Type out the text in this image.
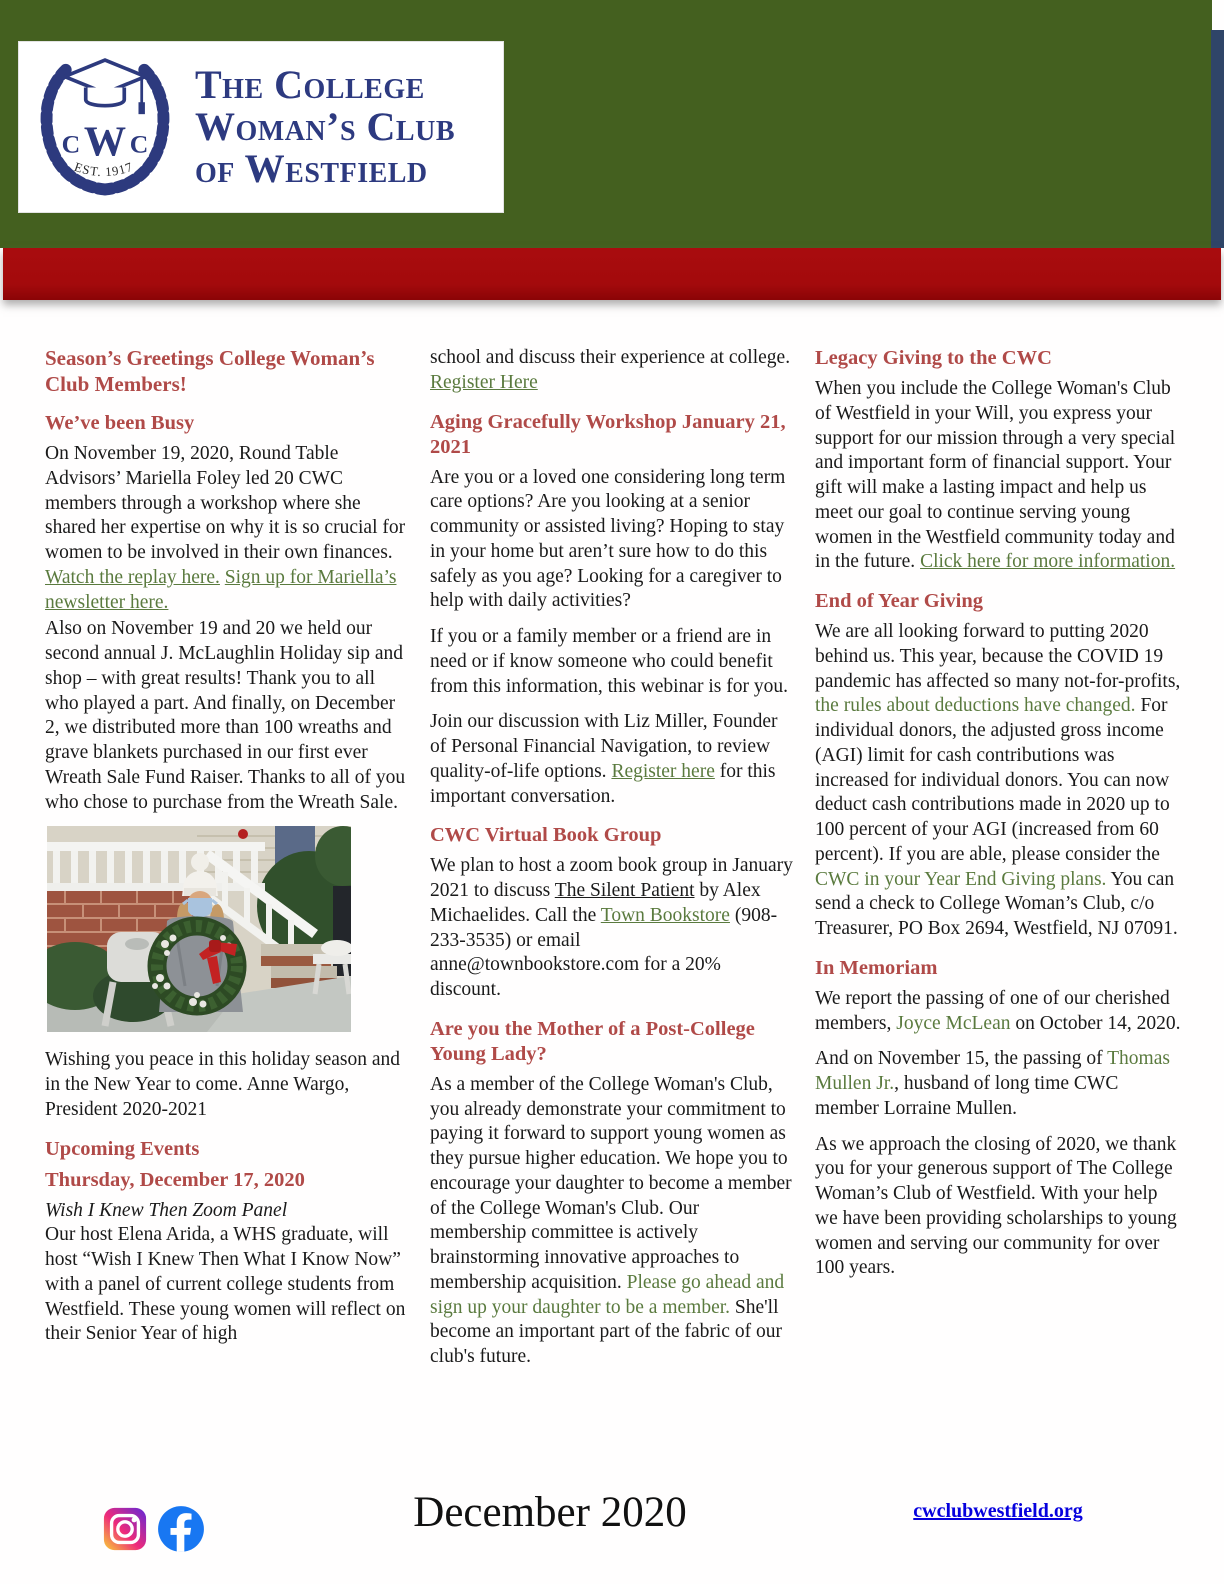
C W C
EST. 1917
The College
Woman’s Club
of Westfield
Season’s Greetings College Woman’s Club Members!
We’ve been Busy

On November 19, 2020, Round Table Advisors’ Mariella Foley led 20 CWC members through a workshop where she shared her expertise on why it is so crucial for women to be involved in their own finances. Watch the replay here. Sign up for Mariella’s newsletter here.

Also on November 19 and 20 we held our second annual J. McLaughlin Holiday sip and shop – with great results! Thank you to all who played a part. And finally, on December 2, we distributed more than 100 wreaths and grave blankets purchased in our first ever Wreath Sale Fund Raiser. Thanks to all of you who chose to purchase from the Wreath Sale.

Wishing you peace in this holiday season and in the New Year to come. Anne Wargo, President 2020-2021

Upcoming Events
Thursday, December 17, 2020

Wish I Knew Then Zoom Panel
Our host Elena Arida, a WHS graduate, will host “Wish I Knew Then What I Know Now” with a panel of current college students from Westfield. These young women will reflect on their Senior Year of high

school and discuss their experience at college. Register Here

Aging Gracefully Workshop January 21, 2021

Are you or a loved one considering long term care options? Are you looking at a senior community or assisted living? Hoping to stay in your home but aren’t sure how to do this safely as you age? Looking for a caregiver to help with daily activities?

If you or a family member or a friend are in need or if know someone who could benefit from this information, this webinar is for you.

Join our discussion with Liz Miller, Founder of Personal Financial Navigation, to review quality-of-life options. Register here for this important conversation.

CWC Virtual Book Group

We plan to host a zoom book group in January 2021 to discuss The Silent Patient by Alex Michaelides. Call the Town Bookstore (908-233-3535) or email anne@townbookstore.com for a 20% discount.

Are you the Mother of a Post-College Young Lady?

As a member of the College Woman's Club, you already demonstrate your commitment to paying it forward to support young women as they pursue higher education. We hope you to encourage your daughter to become a member of the College Woman's Club. Our membership committee is actively brainstorming innovative approaches to membership acquisition. Please go ahead and sign up your daughter to be a member. She'll become an important part of the fabric of our club's future.

Legacy Giving to the CWC

When you include the College Woman's Club of Westfield in your Will, you express your support for our mission through a very special and important form of financial support. Your gift will make a lasting impact and help us meet our goal to continue serving young women in the Westfield community today and in the future. Click here for more information.

End of Year Giving

We are all looking forward to putting 2020 behind us. This year, because the COVID 19 pandemic has affected so many not-for-profits, the rules about deductions have changed. For individual donors, the adjusted gross income (AGI) limit for cash contributions was increased for individual donors. You can now deduct cash contributions made in 2020 up to 100 percent of your AGI (increased from 60 percent). If you are able, please consider the CWC in your Year End Giving plans. You can send a check to College Woman’s Club, c/o Treasurer, PO Box 2694, Westfield, NJ 07091.

In Memoriam

We report the passing of one of our cherished members, Joyce McLean on October 14, 2020.

And on November 15, the passing of Thomas Mullen Jr., husband of long time CWC member Lorraine Mullen.

As we approach the closing of 2020, we thank you for your generous support of The College Woman’s Club of Westfield. With your help we have been providing scholarships to young women and serving our community for over 100 years.

December 2020	cwclubwestfield.org
